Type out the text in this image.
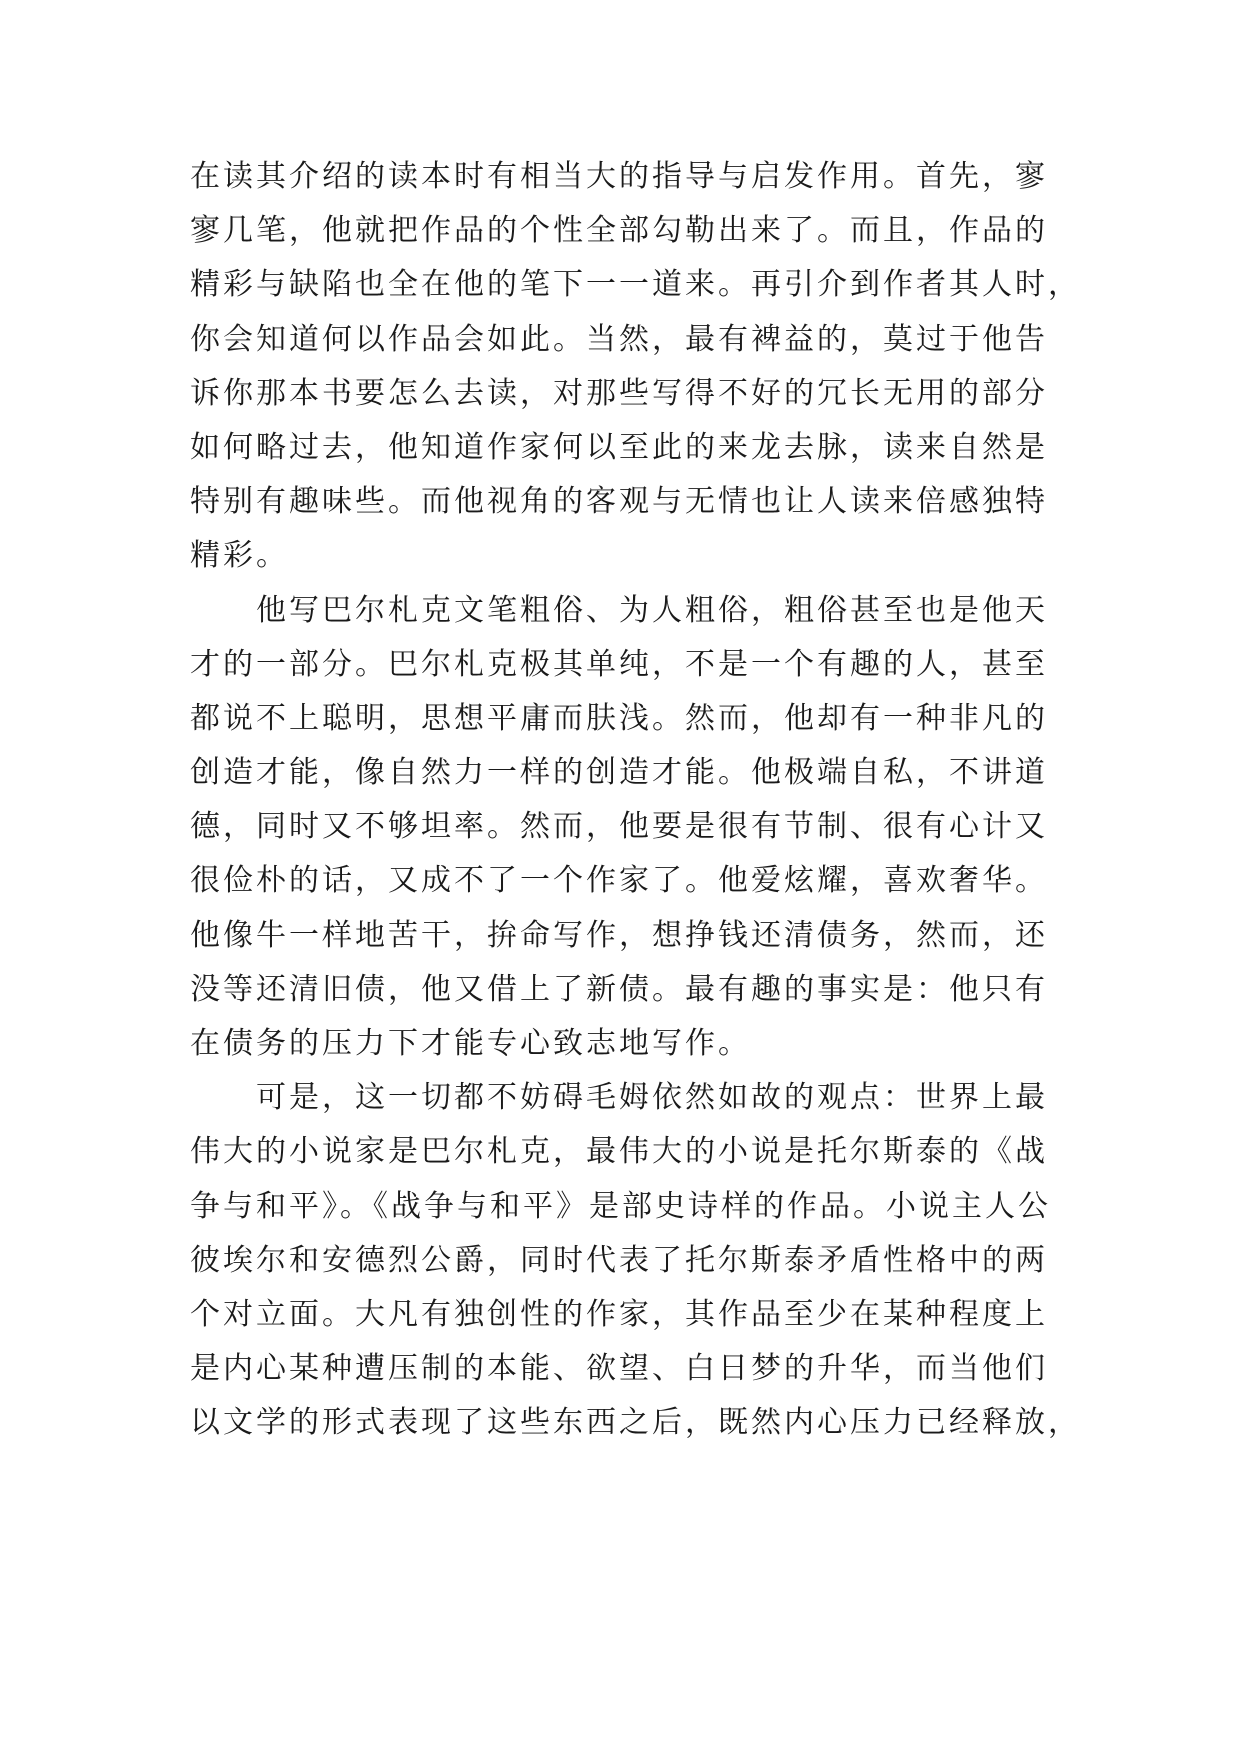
在读其介绍的读本时有相当大的指导与启发作用。首先，寥
寥几笔，他就把作品的个性全部勾勒出来了。而且，作品的
精彩与缺陷也全在他的笔下一一道来。再引介到作者其人时，
你会知道何以作品会如此。当然，最有裨益的，莫过于他告
诉你那本书要怎么去读，对那些写得不好的冗长无用的部分
如何略过去，他知道作家何以至此的来龙去脉，读来自然是
特别有趣味些。而他视角的客观与无情也让人读来倍感独特
精彩。
　　他写巴尔札克文笔粗俗、为人粗俗，粗俗甚至也是他天
才的一部分。巴尔札克极其单纯，不是一个有趣的人，甚至
都说不上聪明，思想平庸而肤浅。然而，他却有一种非凡的
创造才能，像自然力一样的创造才能。他极端自私，不讲道
德，同时又不够坦率。然而，他要是很有节制、很有心计又
很俭朴的话，又成不了一个作家了。他爱炫耀，喜欢奢华。
他像牛一样地苦干，拚命写作，想挣钱还清债务，然而，还
没等还清旧债，他又借上了新债。最有趣的事实是：他只有
在债务的压力下才能专心致志地写作。
　　可是，这一切都不妨碍毛姆依然如故的观点：世界上最
伟大的小说家是巴尔札克，最伟大的小说是托尔斯泰的《战
争与和平》。《战争与和平》是部史诗样的作品。小说主人公
彼埃尔和安德烈公爵，同时代表了托尔斯泰矛盾性格中的两
个对立面。大凡有独创性的作家，其作品至少在某种程度上
是内心某种遭压制的本能、欲望、白日梦的升华，而当他们
以文学的形式表现了这些东西之后，既然内心压力已经释放，
